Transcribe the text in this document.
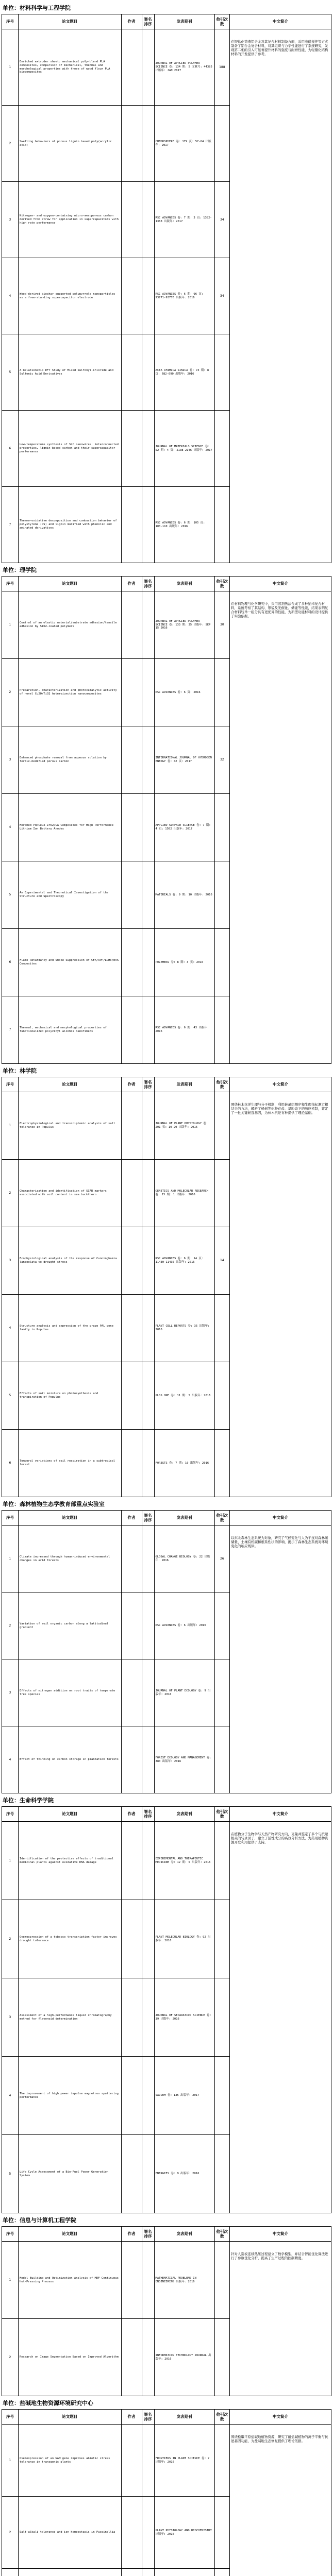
单位：材料科学与工程学院
序号	论文题目	作者	署名排序	发表期刊	他引次数	中文简介
1	Enriched extruder sheet: mechanical poly-blend PLA composites, comparison of mechanical, thermal and morphological properties with those of wood flour PLA biocomposites			JOURNAL OF APPLIED POLYMER SCIENCE 卷: 134 期: 5 文献号: 44385 出版年: JAN 2017	188	在钾盐化铸造铝合金及其复合材料制备方面，采用电磁搅拌等方式制备了铝合金复合材料，对其组织与力学性能进行了系统研究，发现第二相的引入可显著提升材料的强度与耐磨性能，为轻量化结构材料的开发提供了参考。
2	Swelling behaviors of porous lignin based poly(acrylic acid)			CHEMOSPHERE 卷: 179 页: 57-64 出版年: 2017		
3	Nitrogen- and oxygen-containing micro-mesoporous carbon derived from straw for application in supercapacitors with high rate performance			RSC ADVANCES 卷: 7 期: 3 页: 1382-1388 出版年: 2017	34	
4	Wood-derived biochar supported polypyrrole nanoparticles as a free-standing supercapacitor electrode			RSC ADVANCES 卷: 6 期: 96 页: 93771-93776 出版年: 2016	34	
5	A Relationship DFT Study of Mixed Sulfonyl-Chloride and Sulfonic Acid Derivatives			ACTA CHIMICA SINICA 卷: 74 期: 8 页: 682-690 出版年: 2016		
6	Low-temperature synthesis of SiC nanowires: interconnected properties, lignin-based carbon and their supercapacitor performance			JOURNAL OF MATERIALS SCIENCE 卷: 52 期: 4 页: 2138-2146 出版年: 2017		
7	Thermo-oxidative decomposition and combustion behavior of polystyrene (PS) and lignin modified with phenolic and aminated derivatives			RSC ADVANCES 卷: 6 期: 105 页: 103-110 出版年: 2016		
单位：理学院
序号	论文题目	作者	署名排序	发表期刊	他引次数	中文简介
1	Control of an elastic material/substrate adhesion/tensile adhesion by SiO2-coated polymers			JOURNAL OF APPLIED POLYMER SCIENCE 卷: 133 期: 35 出版年: SEP 15 2016	30	在材料物理与化学研究中，采用溶剂热法合成了多种纳米复合材料，系统考察了其结构、形貌及光催化、储能等性能，结果表明复合材料较单一组分具有更优异的性能，为新型功能材料的设计提供了实验依据。
2	Preparation, characterization and photocatalytic activity of novel Cu2O/TiO2 heterojunction nanocomposites			RSC ADVANCES 卷: 6 页: 2016		
3	Enhanced phosphate removal from aqueous solution by ferric-modified porous carbon			INTERNATIONAL JOURNAL OF HYDROGEN ENERGY 卷: 42 页: 2017	32	
4	Morphed Pd/CeO2-ZrO2/GA Composites for High Performance Lithium Ion Battery Anodes			APPLIED SURFACE SCIENCE 卷: 7 期: 4 页: 1502 出版年: 2017		
5	An Experimental and Theoretical Investigation of the Structure and Spectroscopy			MATERIALS 卷: 9 期: 10 出版年: 2016		
6	Flame Retardancy and Smoke Suppression of CFA/APP/LDHs/EVA Composites			POLYMERS 卷: 8 期: 3 页: 2016		
7	Thermal, mechanical and morphological properties of functionalized polyvinyl alcohol nanofibers			RSC ADVANCES 卷: 6 期: 43 出版年: 2016		
单位：林学院
序号	论文题目	作者	署名排序	发表期刊	他引次数	中文简介
1	Electrophysiological and transcriptomic analysis of salt tolerance in Populus			JOURNAL OF PLANT PHYSIOLOGY 卷: 201 页: 10-20 出版年: 2016		围绕林木抗逆生理与分子机制，利用转录组测序和生理指标测定相结合的方法，解析了杨树等树种在盐、旱胁迫下的响应机制，鉴定了一批关键候选基因，为林木抗逆育种提供了理论基础。
2	Characterization and identification of SCAR markers associated with soil content in sea buckthorn			GENETICS AND MOLECULAR RESEARCH 卷: 15 期: 1 出版年: 2016		
3	Ecophysiological analysis of the response of Cunninghamia lanceolata to drought stress			RSC ADVANCES 卷: 6 期: 14 页: 11430-11435 出版年: 2016	14	
4	Structure analysis and expression of the grape PAL gene family in Populus			PLANT CELL REPORTS 卷: 35 出版年: 2016		
5	Effects of soil moisture on photosynthesis and transpiration of Populus			PLOS ONE 卷: 11 期: 5 出版年: 2016		
6	Temporal variations of soil respiration in a subtropical forest			FORESTS 卷: 7 期: 10 出版年: 2016		
单位：森林植物生态学教育部重点实验室
序号	论文题目	作者	署名排序	发表期刊	他引次数	中文简介
1	Climate increased through human-induced environmental changes in arid forests			GLOBAL CHANGE BIOLOGY 卷: 22 出版年: 2016	26	以东北森林生态系统为对象，研究了气候变化与人为干扰对森林碳储量、土壤有机碳和根系性状的影响，揭示了森林生态系统对环境变化的响应规律。
2	Variation of soil organic carbon along a latitudinal gradient			RSC ADVANCES 卷: 6 出版年: 2016		
3	Effects of nitrogen addition on root traits of temperate tree species			JOURNAL OF PLANT ECOLOGY 卷: 9 出版年: 2016		
4	Effect of thinning on carbon storage in plantation forests			FOREST ECOLOGY AND MANAGEMENT 卷: 380 出版年: 2016		
单位：生命科学学院
序号	论文题目	作者	署名排序	发表期刊	他引次数	中文简介
1	Identification of the protective effects of traditional medicinal plants against oxidative DNA damage			EXPERIMENTAL AND THERAPEUTIC MEDICINE 卷: 12 期: 5 出版年: 2016		在植物分子生物学与天然产物研究方向，克隆并鉴定了多个与抗逆相关的转录因子，建立了活性成分的高效分析方法，为药用植物资源开发利用提供了支持。
2	Overexpression of a tobacco transcription factor improves drought tolerance			PLANT MOLECULAR BIOLOGY 卷: 92 出版年: 2016		
3	Assessment of a high-performance liquid chromatography method for flavonoid determination			JOURNAL OF SEPARATION SCIENCE 卷: 39 出版年: 2016		
4	The improvement of high power impulse magnetron sputtering performance			VACUUM 卷: 135 出版年: 2017		
5	Life Cycle Assessment of a Bio-Fuel Power Generation System			ENERGIES 卷: 9 出版年: 2016		
单位：信息与计算机工程学院
序号	论文题目	作者	署名排序	发表期刊	他引次数	中文简介
1	Model Building and Optimization Analysis of MDF Continuous Hot-Pressing Process			MATHEMATICAL PROBLEMS IN ENGINEERING 出版年: 2016		针对人造板连续热压过程建立了数学模型，并结合智能优化算法进行了参数优化分析，提高了生产过程的控制精度。
2	Research on Image Segmentation Based on Improved Algorithm			INFORMATION TECHNOLOGY JOURNAL 出版年: 2016		
单位：盐碱地生物资源环境研究中心
序号	论文题目	作者	署名排序	发表期刊	他引次数	中文简介
1	Overexpression of an NAM gene improves abiotic stress tolerance in transgenic plants			FRONTIERS IN PLANT SCIENCE 卷: 7 出版年: 2016		围绕松嫩平原盐碱地植物资源，研究了耐盐碱植物的离子平衡与抗逆基因功能，为盐碱地生态修复提供了理论依据。
2	Salt-alkali tolerance and ion homeostasis in Puccinellia			PLANT PHYSIOLOGY AND BIOCHEMISTRY 出版年: 2016		
